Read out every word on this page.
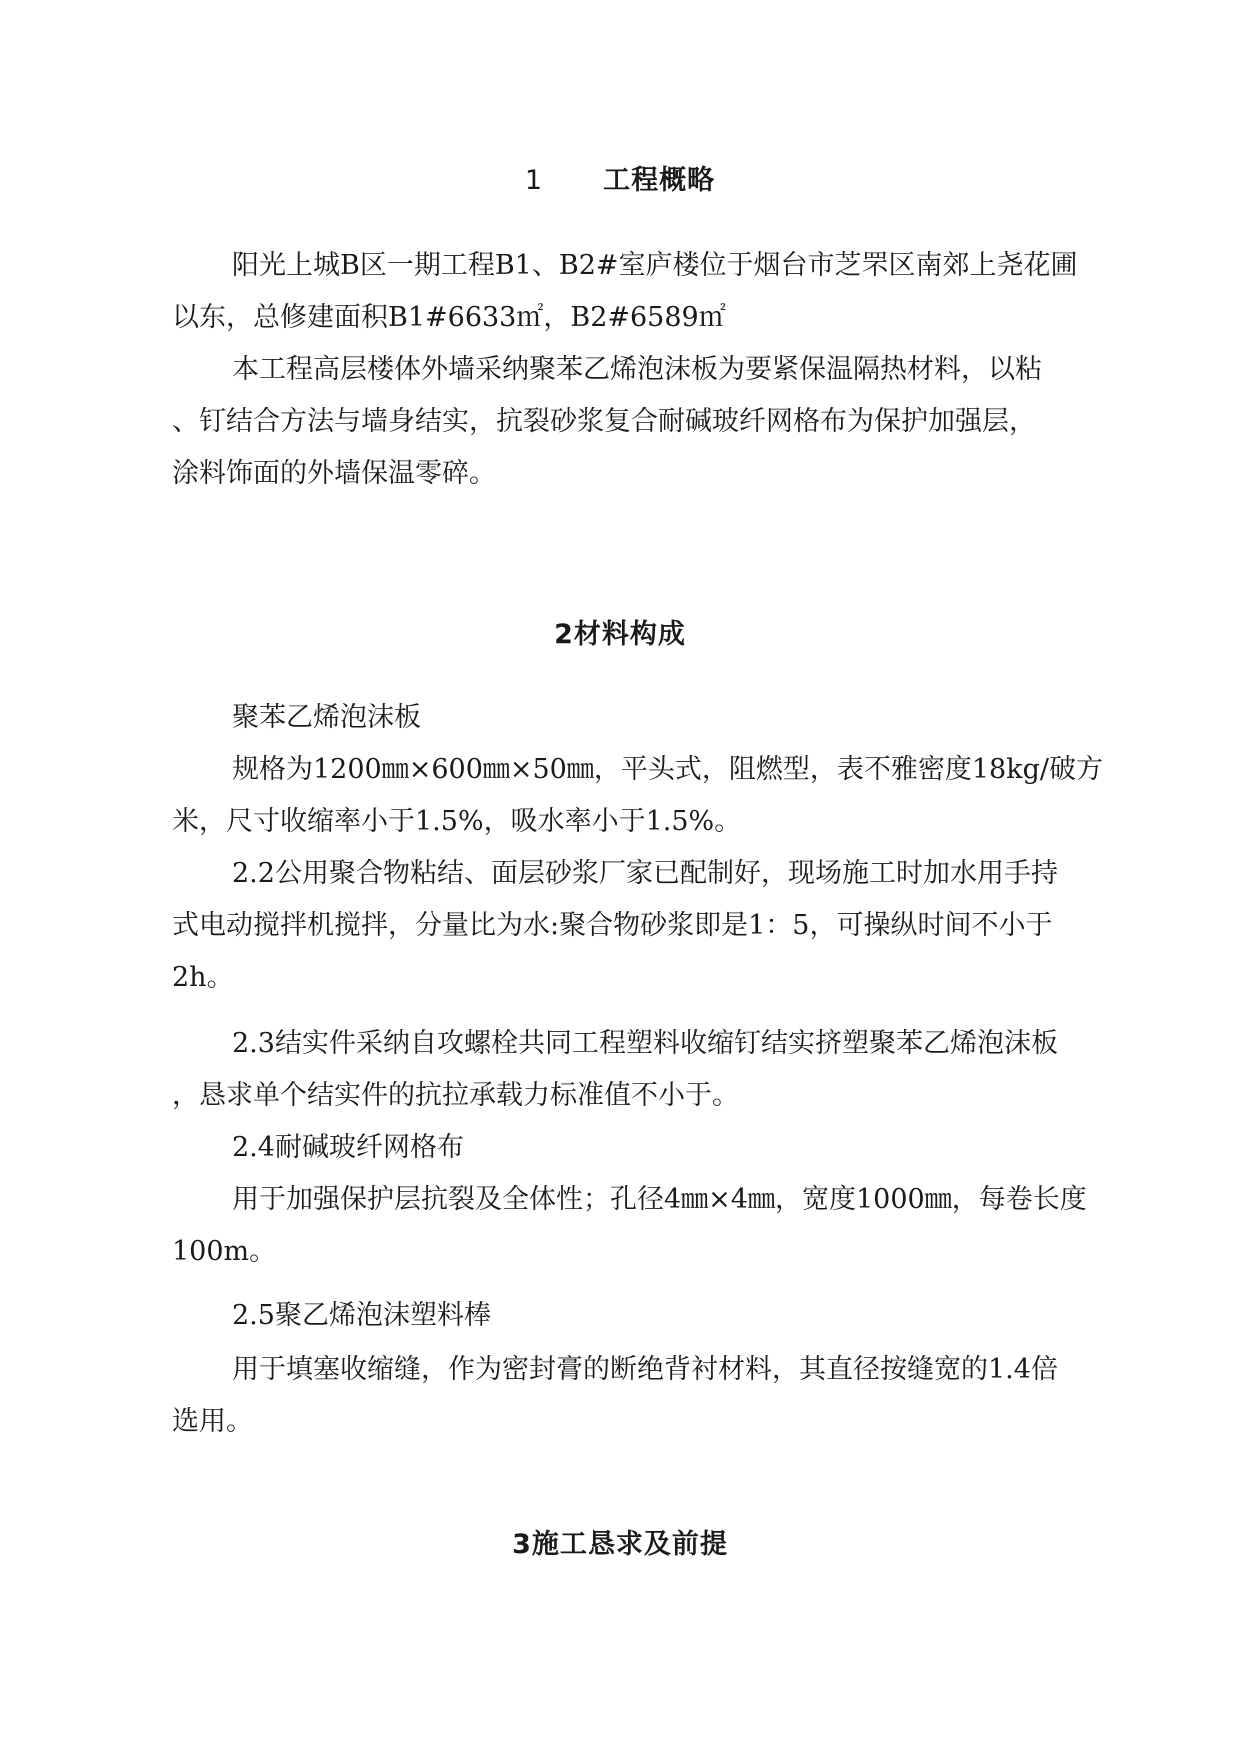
1 工程概略

阳光上城B区一期工程B1、B2#室庐楼位于烟台市芝罘区南郊上尧花圃

以东，总修建面积B1#6633㎡，B2#6589㎡

本工程高层楼体外墙采纳聚苯乙烯泡沫板为要紧保温隔热材料，以粘

、钉结合方法与墙身结实，抗裂砂浆复合耐碱玻纤网格布为保护加强层，

涂料饰面的外墙保温零碎。

2材料构成

聚苯乙烯泡沫板

规格为1200㎜×600㎜×50㎜，平头式，阻燃型，表不雅密度18kg/破方

米，尺寸收缩率小于1.5%，吸水率小于1.5%。

2.2公用聚合物粘结、面层砂浆厂家已配制好，现场施工时加水用手持

式电动搅拌机搅拌，分量比为水:聚合物砂浆即是1：5，可操纵时间不小于

2h。

2.3结实件采纳自攻螺栓共同工程塑料收缩钉结实挤塑聚苯乙烯泡沫板

，恳求单个结实件的抗拉承载力标准值不小于。

2.4耐碱玻纤网格布

用于加强保护层抗裂及全体性；孔径4㎜×4㎜，宽度1000㎜，每卷长度

100m。

2.5聚乙烯泡沫塑料棒

用于填塞收缩缝，作为密封膏的断绝背衬材料，其直径按缝宽的1.4倍

选用。

3施工恳求及前提
